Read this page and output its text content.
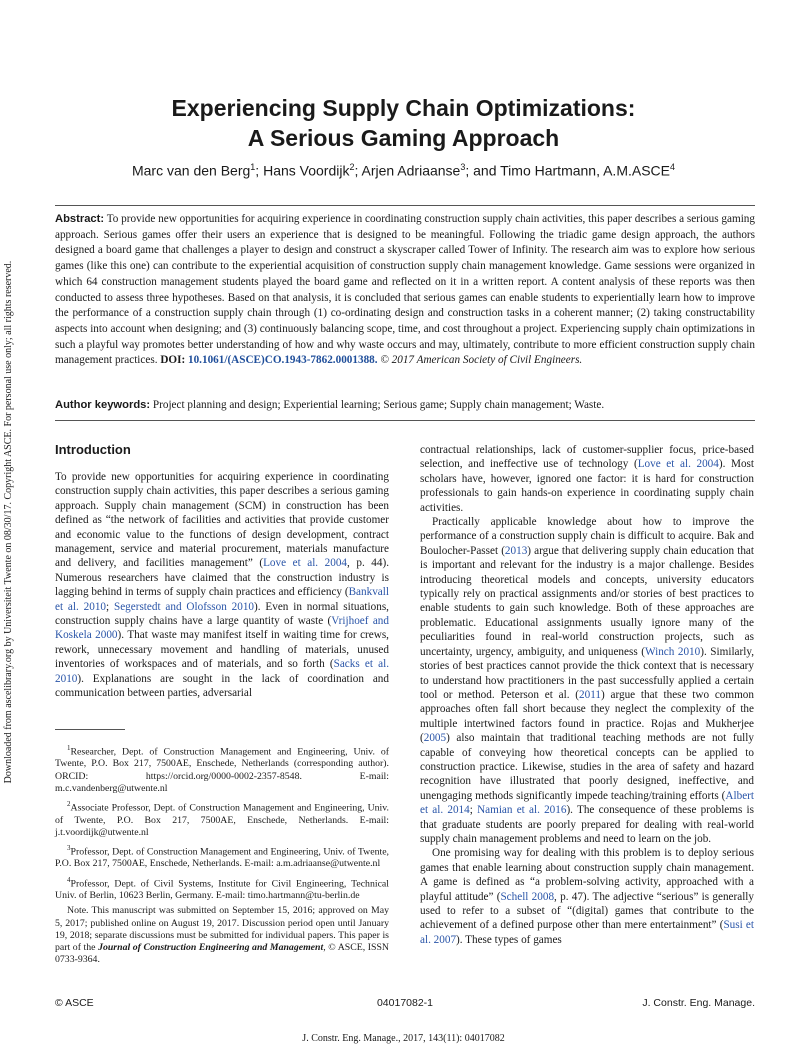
Downloaded from ascelibrary.org by Universiteit Twente on 08/30/17. Copyright ASCE. For personal use only; all rights reserved.
Experiencing Supply Chain Optimizations:
A Serious Gaming Approach
Marc van den Berg$^1$; Hans Voordijk$^2$; Arjen Adriaanse$^3$; and Timo Hartmann, A.M.ASCE$^4$

Abstract: To provide new opportunities for acquiring experience in coordinating construction supply chain activities, this paper describes a serious gaming approach. Serious games offer their users an experience that is designed to be meaningful. Following the triadic game design approach, the authors designed a board game that challenges a player to design and construct a skyscraper called Tower of Infinity. The research aim was to explore how serious games (like this one) can contribute to the experiential acquisition of construction supply chain management knowledge. Game sessions were organized in which 64 construction management students played the board game and reflected on it in a written report. A content analysis of these reports was then conducted to assess three hypotheses. Based on that analysis, it is concluded that serious games can enable students to experientially learn how to improve the performance of a construction supply chain through (1) co-ordinating design and construction tasks in a coherent manner; (2) taking constructability aspects into account when designing; and (3) continuously balancing scope, time, and cost throughout a project. Experiencing supply chain optimizations in such a playful way promotes better understanding of how and why waste occurs and may, ultimately, contribute to more efficient construction supply chain management practices. DOI: 10.1061/(ASCE)CO.1943-7862.0001388. © 2017 American Society of Civil Engineers.

Author keywords: Project planning and design; Experiential learning; Serious game; Supply chain management; Waste.
Introduction

To provide new opportunities for acquiring experience in coordinating construction supply chain activities, this paper describes a serious gaming approach. Supply chain management (SCM) in construction has been defined as “the network of facilities and activities that provide customer and economic value to the functions of design development, contract management, service and material procurement, materials manufacture and delivery, and facilities management” (Love et al. 2004, p. 44). Numerous researchers have claimed that the construction industry is lagging behind in terms of supply chain practices and efficiency (Bankvall et al. 2010; Segerstedt and Olofsson 2010). Even in normal situations, construction supply chains have a large quantity of waste (Vrijhoef and Koskela 2000). That waste may manifest itself in waiting time for crews, rework, unnecessary movement and handling of materials, unused inventories of workspaces and of materials, and so forth (Sacks et al. 2010). Explanations are sought in the lack of coordination and communication between parties, adversarial

contractual relationships, lack of customer-supplier focus, price-based selection, and ineffective use of technology (Love et al. 2004). Most scholars have, however, ignored one factor: it is hard for construction professionals to gain hands-on experience in coordinating supply chain activities.

Practically applicable knowledge about how to improve the performance of a construction supply chain is difficult to acquire. Bak and Boulocher-Passet (2013) argue that delivering supply chain education that is important and relevant for the industry is a major challenge. Besides introducing theoretical models and concepts, university educators typically rely on practical assignments and/or stories of best practices to enable students to gain such knowledge. Both of these approaches are problematic. Educational assignments usually ignore many of the peculiarities found in real-world construction projects, such as uncertainty, urgency, ambiguity, and uniqueness (Winch 2010). Similarly, stories of best practices cannot provide the thick context that is necessary to understand how practitioners in the past successfully applied a certain tool or method. Peterson et al. (2011) argue that these two common approaches often fall short because they neglect the complexity of the multiple intertwined factors found in practice. Rojas and Mukherjee (2005) also maintain that traditional teaching methods are not fully capable of conveying how theoretical concepts can be applied to construction practice. Likewise, studies in the area of safety and hazard recognition have illustrated that poorly designed, ineffective, and unengaging methods significantly impede teaching/training efforts (Albert et al. 2014; Namian et al. 2016). The consequence of these problems is that graduate students are poorly prepared for dealing with real-world supply chain management problems and need to learn on the job.

One promising way for dealing with this problem is to deploy serious games that enable learning about construction supply chain management. A game is defined as “a problem-solving activity, approached with a playful attitude” (Schell 2008, p. 47). The adjective “serious” is generally used to refer to a subset of “(digital) games that contribute to the achievement of a defined purpose other than mere entertainment” (Susi et al. 2007). These types of games

$^1$Researcher, Dept. of Construction Management and Engineering, Univ. of Twente, P.O. Box 217, 7500AE, Enschede, Netherlands (corresponding author). ORCID: https://orcid.org/0000-0002-2357-8548. E-mail: m.c.vandenberg@utwente.nl

$^2$Associate Professor, Dept. of Construction Management and Engineering, Univ. of Twente, P.O. Box 217, 7500AE, Enschede, Netherlands. E-mail: j.t.voordijk@utwente.nl

$^3$Professor, Dept. of Construction Management and Engineering, Univ. of Twente, P.O. Box 217, 7500AE, Enschede, Netherlands. E-mail: a.m.adriaanse@utwente.nl

$^4$Professor, Dept. of Civil Systems, Institute for Civil Engineering, Technical Univ. of Berlin, 10623 Berlin, Germany. E-mail: timo.hartmann@tu-berlin.de

Note. This manuscript was submitted on September 15, 2016; approved on May 5, 2017; published online on August 19, 2017. Discussion period open until January 19, 2018; separate discussions must be submitted for individual papers. This paper is part of the Journal of Construction Engineering and Management, © ASCE, ISSN 0733-9364.

© ASCE	04017082-1	J. Constr. Eng. Manage.
J. Constr. Eng. Manage., 2017, 143(11): 04017082
